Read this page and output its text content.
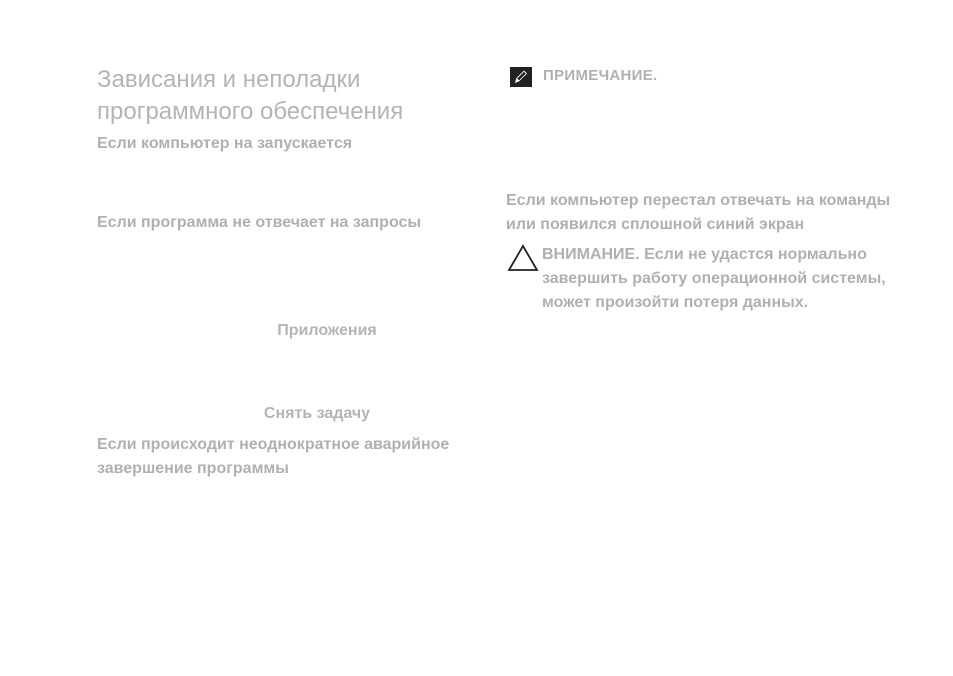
Зависания и неполадки программного обеспечения
Если компьютер на запускается
Если программа не отвечает на запросы
Приложения
Снять задачу
Если происходит неоднократное аварийное завершение программы
ПРИМЕЧАНИЕ.
Если компьютер перестал отвечать на команды или появился сплошной синий экран
ВНИМАНИЕ. Если не удастся нормально завершить работу операционной системы, может произойти потеря данных.
